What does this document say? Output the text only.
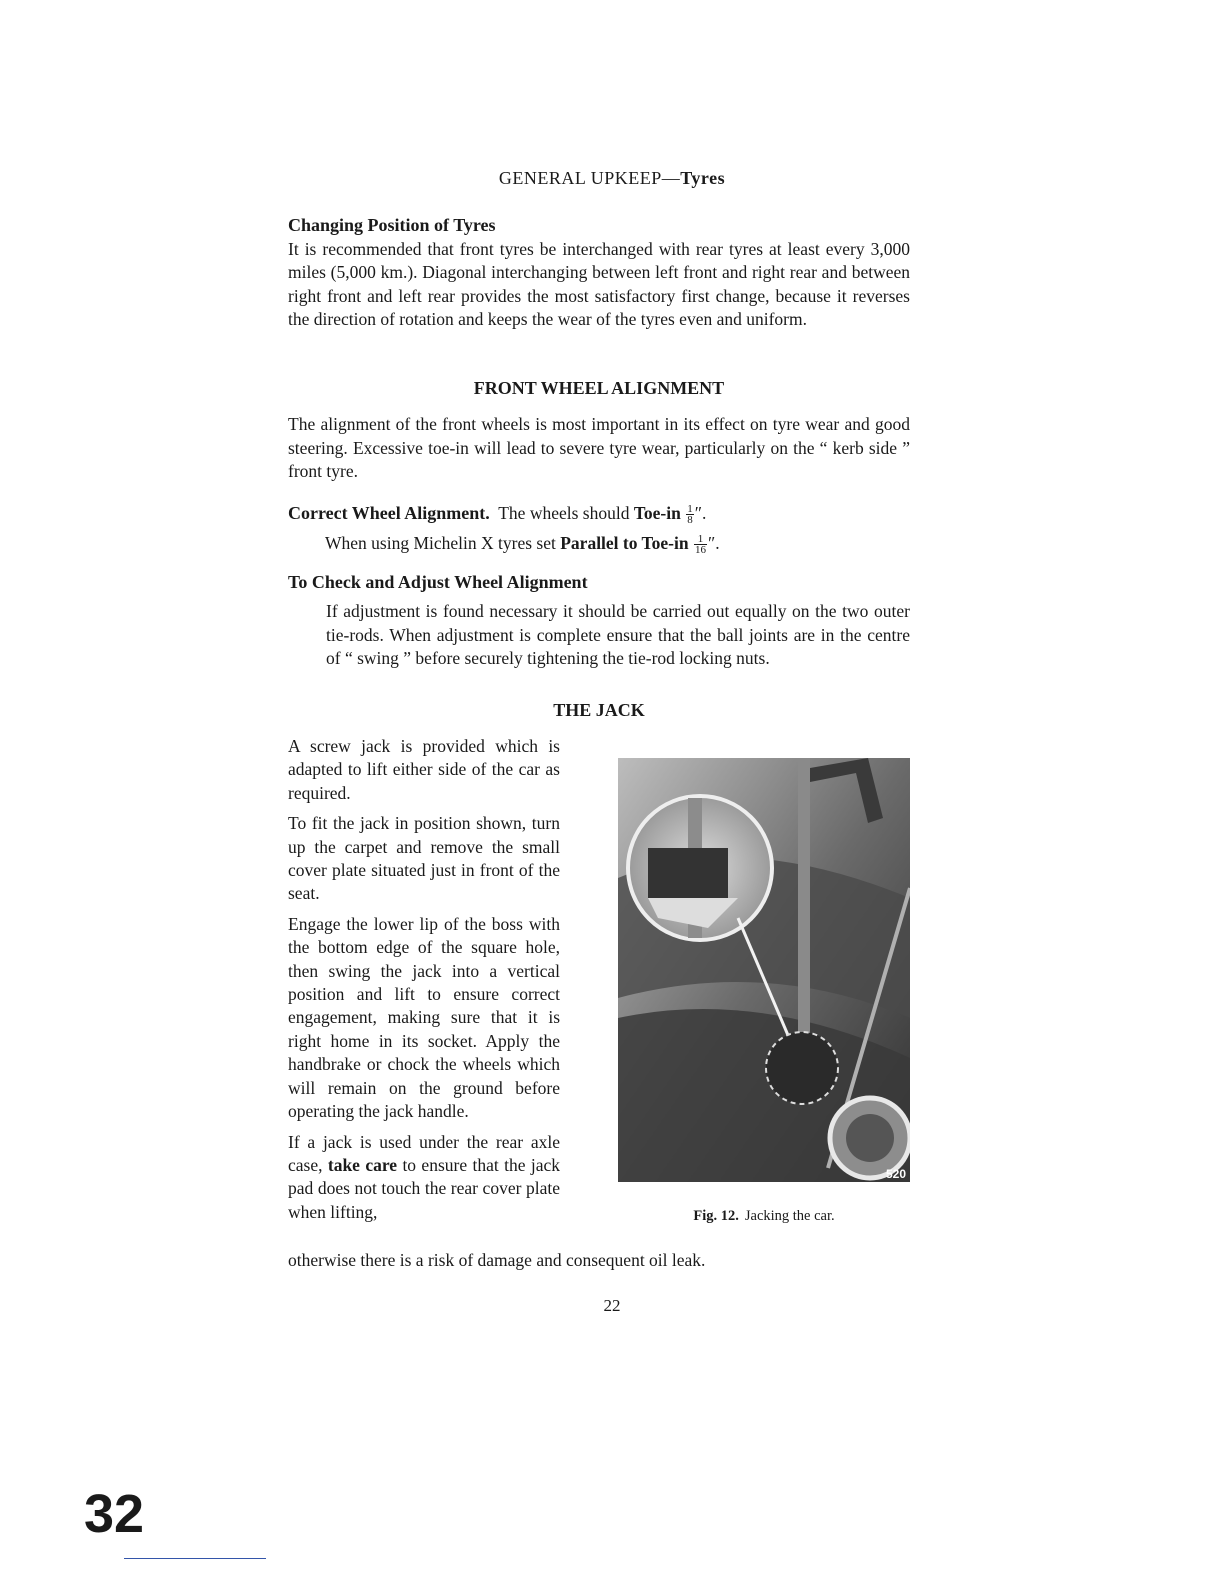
GENERAL UPKEEP—Tyres
Changing Position of Tyres
It is recommended that front tyres be interchanged with rear tyres at least every 3,000 miles (5,000 km.). Diagonal interchanging between left front and right rear and between right front and left rear provides the most satisfactory first change, because it reverses the direction of rotation and keeps the wear of the tyres even and uniform.
FRONT WHEEL ALIGNMENT
The alignment of the front wheels is most important in its effect on tyre wear and good steering. Excessive toe-in will lead to severe tyre wear, particularly on the “ kerb side ” front tyre.
Correct Wheel Alignment. The wheels should $Toe-in \frac{1}{8}$ ″.
When using Michelin X tyres set Parallel to $Toe-in \frac{1}{16}$ ″.
To Check and Adjust Wheel Alignment
If adjustment is found necessary it should be carried out equally on the two outer tie-rods. When adjustment is complete ensure that the ball joints are in the centre of “ swing ” before securely tightening the tie-rod locking nuts.
THE JACK

A screw jack is provided which is adapted to lift either side of the car as required.

To fit the jack in position shown, turn up the carpet and remove the small cover plate situated just in front of the seat.

Engage the lower lip of the boss with the bottom edge of the square hole, then swing the jack into a vertical position and lift to ensure correct engagement, making sure that it is right home in its socket. Apply the handbrake or chock the wheels which will remain on the ground before operating the jack handle.

If a jack is used under the rear axle case, take care to ensure that the jack pad does not touch the rear cover plate when lifting,

otherwise there is a risk of damage and consequent oil leak.
520
Fig. 12. Jacking the car.
22
32
